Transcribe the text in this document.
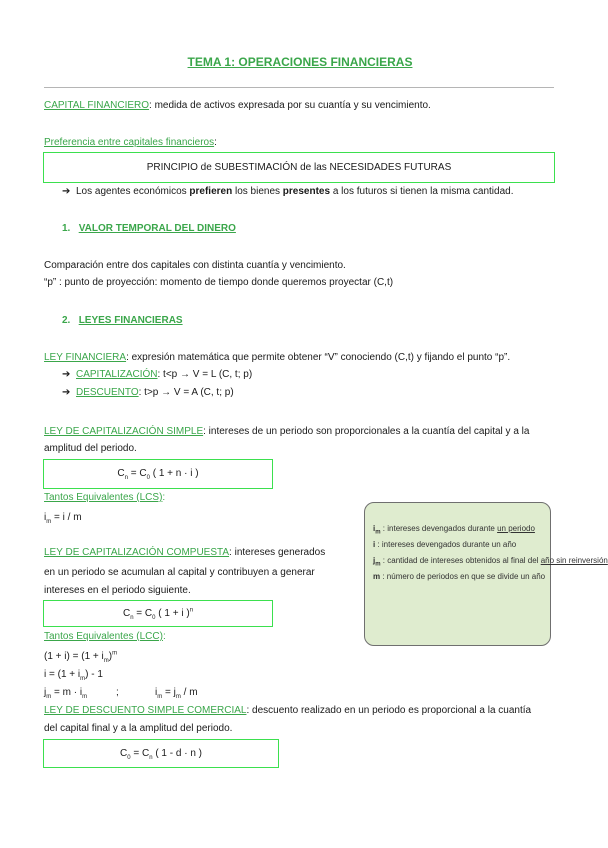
TEMA 1: OPERACIONES FINANCIERAS
CAPITAL FINANCIERO: medida de activos expresada por su cuantía y su vencimiento.
Preferencia entre capitales financieros:
PRINCIPIO de SUBESTIMACIÓN de las NECESIDADES FUTURAS
➔ Los agentes económicos prefieren los bienes presentes a los futuros si tienen la misma cantidad.
1. VALOR TEMPORAL DEL DINERO
Comparación entre dos capitales con distinta cuantía y vencimiento.
“p” : punto de proyección: momento de tiempo donde queremos proyectar (C,t)
2. LEYES FINANCIERAS
LEY FINANCIERA: expresión matemática que permite obtener “V” conociendo (C,t) y fijando el punto “p”.
➔ CAPITALIZACIÓN: t<p → V = L (C, t; p)
➔ DESCUENTO: t>p → V = A (C, t; p)
LEY DE CAPITALIZACIÓN SIMPLE: intereses de un periodo son proporcionales a la cuantía del capital y a la
amplitud del periodo.
$C_n = C_0$ ( 1 + n · i )
Tantos Equivalentes (LCS):
$i_m = i / m$
LEY DE CAPITALIZACIÓN COMPUESTA: intereses generados
en un periodo se acumulan al capital y contribuyen a generar
intereses en el periodo siguiente.
$C_n = C_0$ ( 1 + i )$^n$
Tantos Equivalentes (LCC):
$(1 + i) = (1 + i_m)^m$
$i = (1 + i_m) - 1$
$j_m = m \cdot i_m$	;	$i_m = j_m / m$
$i_m$ : intereses devengados durante un periodo
i : intereses devengados durante un año
$j_m$ : cantidad de intereses obtenidos al final del año sin reinversión
m : número de periodos en que se divide un año
LEY DE DESCUENTO SIMPLE COMERCIAL: descuento realizado en un periodo es proporcional a la cuantía
del capital final y a la amplitud del periodo.
$C_0 = C_n$ ( 1 - d · n )
